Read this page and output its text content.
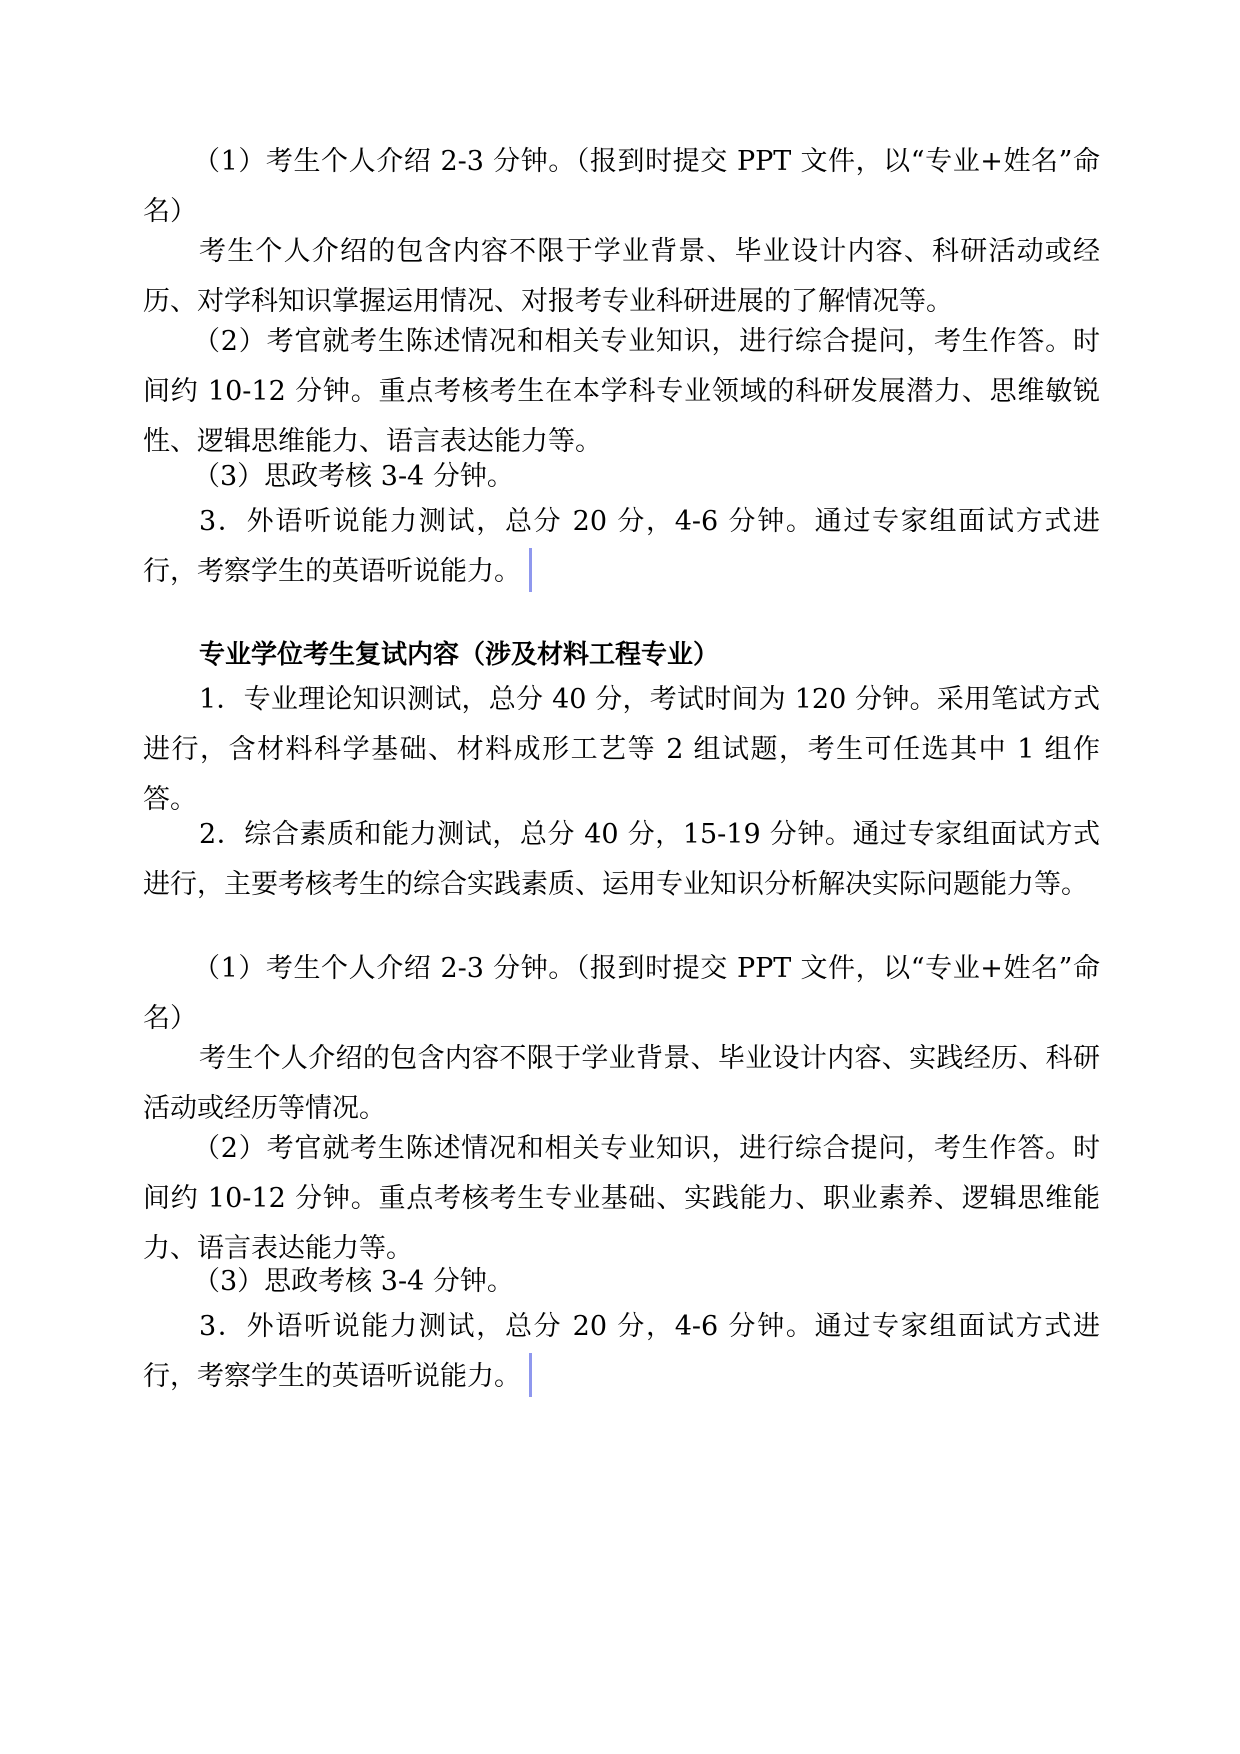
（1）考生个人介绍 2-3 分钟。（报到时提交 PPT 文件，以“专业+姓名”命名）
考生个人介绍的包含内容不限于学业背景、毕业设计内容、科研活动或经历、对学科知识掌握运用情况、对报考专业科研进展的了解情况等。
（2）考官就考生陈述情况和相关专业知识，进行综合提问，考生作答。时间约 10-12 分钟。重点考核考生在本学科专业领域的科研发展潜力、思维敏锐性、逻辑思维能力、语言表达能力等。
（3）思政考核 3-4 分钟。
3．外语听说能力测试，总分 20 分，4-6 分钟。通过专家组面试方式进行，考察学生的英语听说能力。
专业学位考生复试内容（涉及材料工程专业）
1．专业理论知识测试，总分 40 分，考试时间为 120 分钟。采用笔试方式进行，含材料科学基础、材料成形工艺等 2 组试题，考生可任选其中 1 组作答。
2．综合素质和能力测试，总分 40 分，15-19 分钟。通过专家组面试方式进行，主要考核考生的综合实践素质、运用专业知识分析解决实际问题能力等。
（1）考生个人介绍 2-3 分钟。（报到时提交 PPT 文件，以“专业+姓名”命名）
考生个人介绍的包含内容不限于学业背景、毕业设计内容、实践经历、科研活动或经历等情况。
（2）考官就考生陈述情况和相关专业知识，进行综合提问，考生作答。时间约 10-12 分钟。重点考核考生专业基础、实践能力、职业素养、逻辑思维能力、语言表达能力等。
（3）思政考核 3-4 分钟。
3．外语听说能力测试，总分 20 分，4-6 分钟。通过专家组面试方式进行，考察学生的英语听说能力。
